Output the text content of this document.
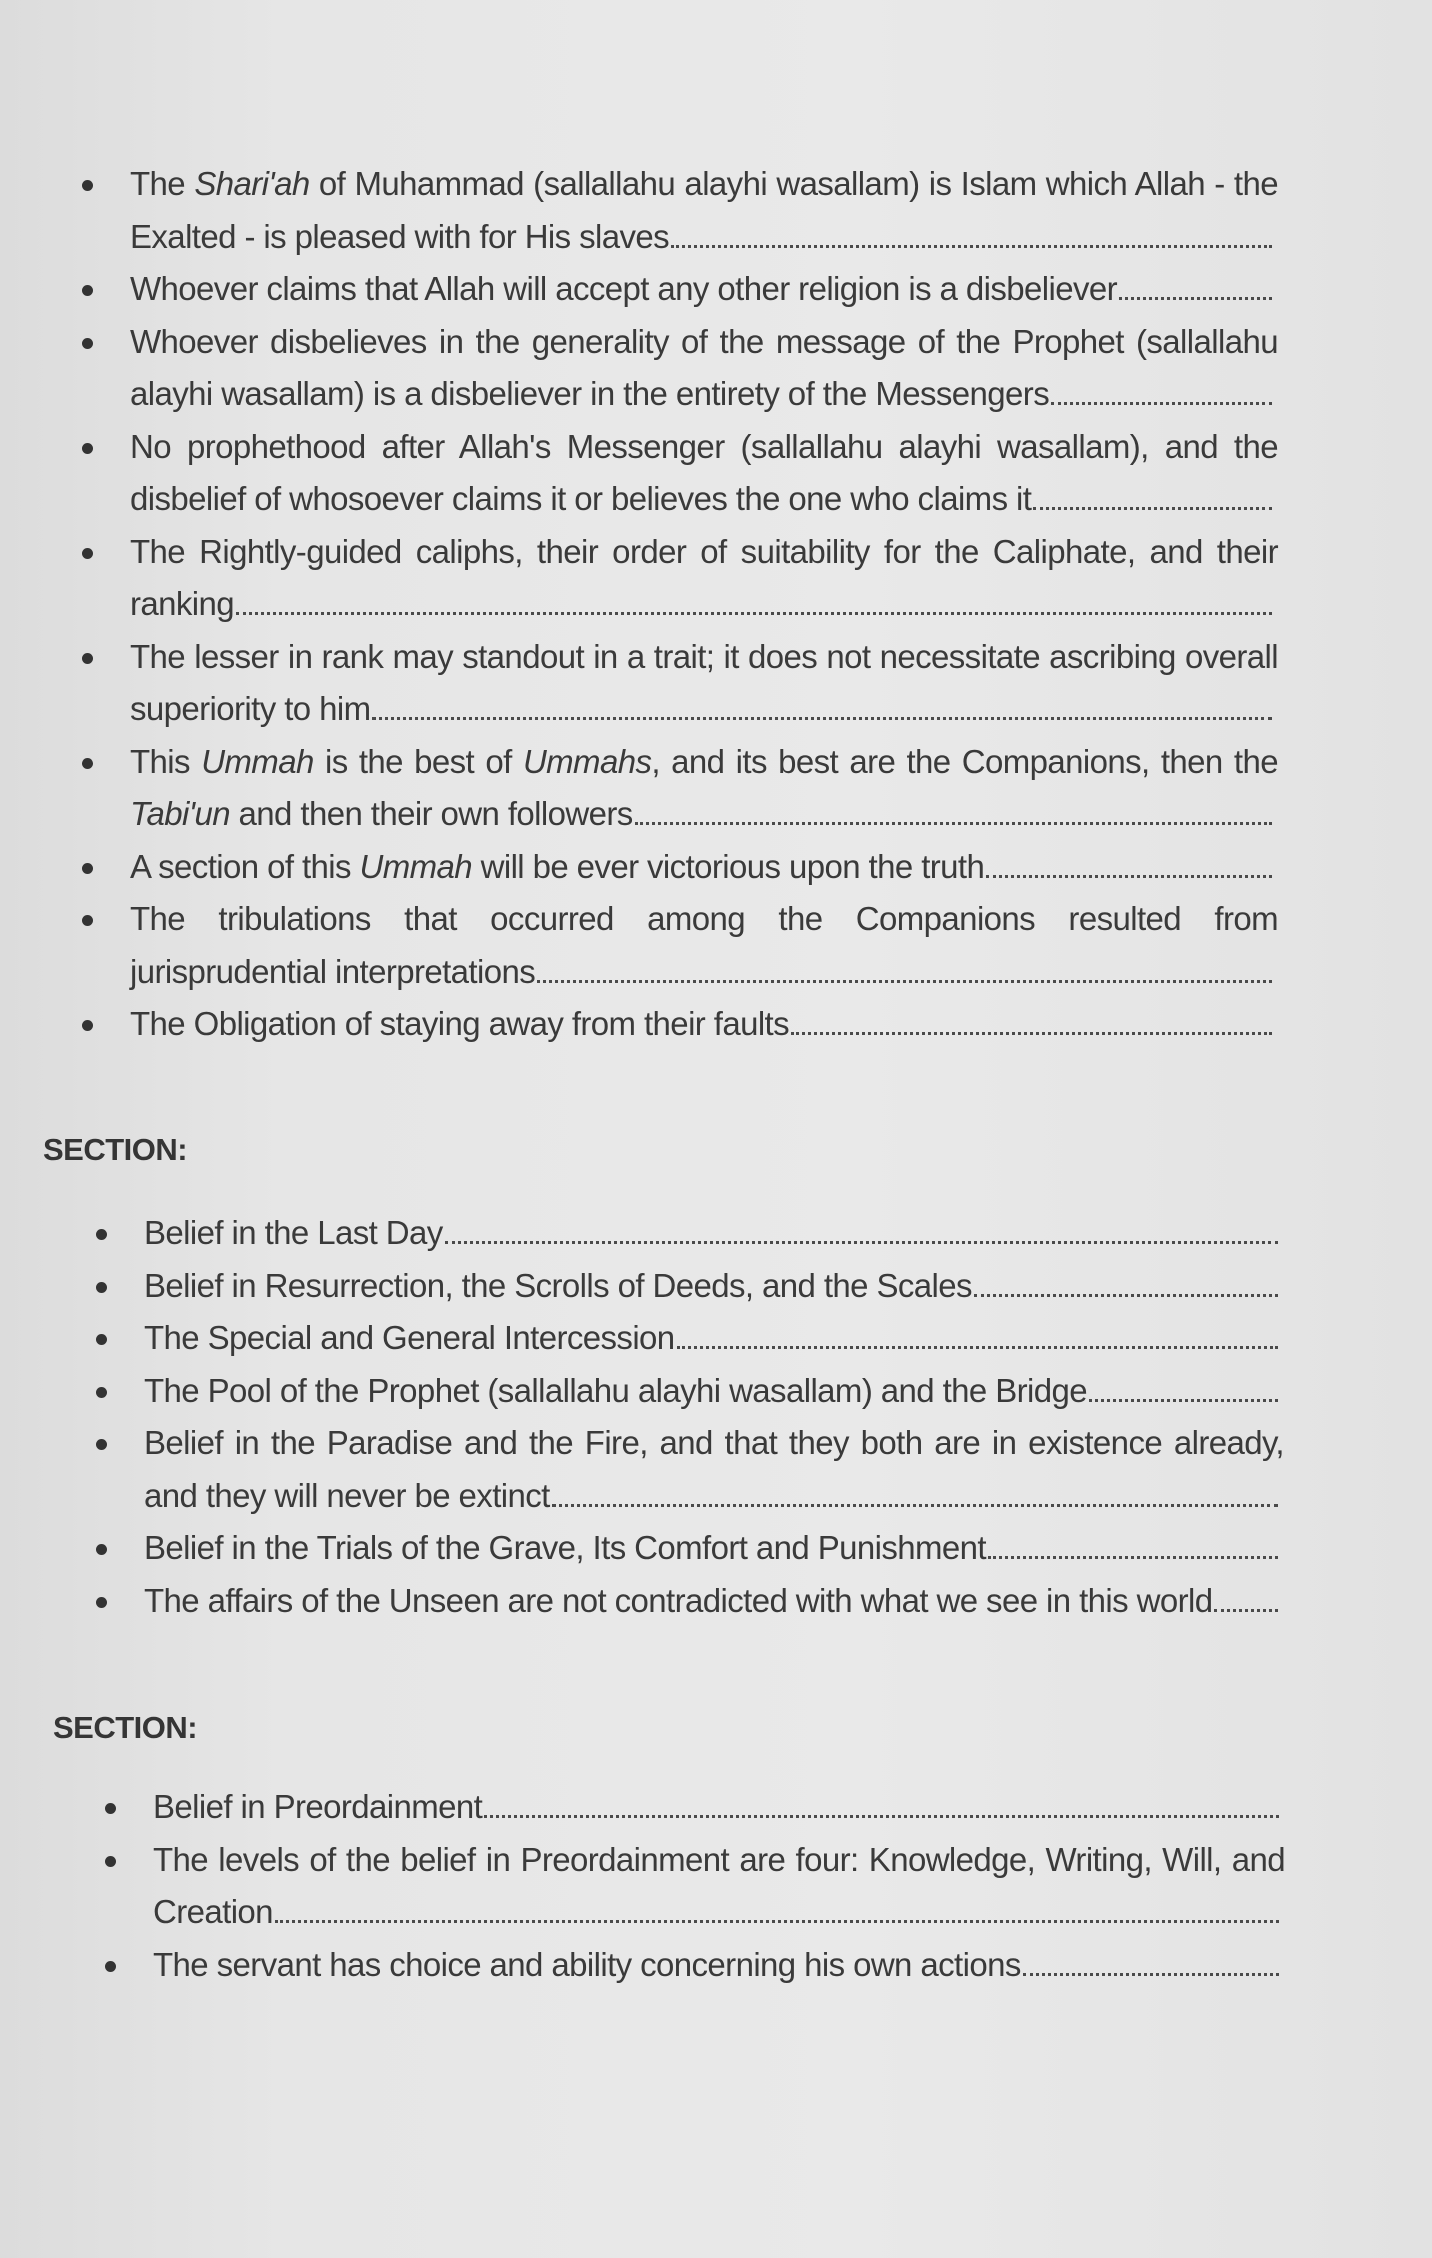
The Shari'ah of Muhammad (sallallahu alayhi wasallam) is Islam which Allah - the Exalted - is pleased with for His slaves
Whoever claims that Allah will accept any other religion is a disbeliever
Whoever disbelieves in the generality of the message of the Prophet (sallallahu alayhi wasallam) is a disbeliever in the entirety of the Messengers
No prophethood after Allah's Messenger (sallallahu alayhi wasallam), and the disbelief of whosoever claims it or believes the one who claims it
The Rightly-guided caliphs, their order of suitability for the Caliphate, and their ranking
The lesser in rank may standout in a trait; it does not necessitate ascribing overall superiority to him
This Ummah is the best of Ummahs, and its best are the Companions, then the Tabi'un and then their own followers
A section of this Ummah will be ever victorious upon the truth
The tribulations that occurred among the Companions resulted from jurisprudential interpretations
The Obligation of staying away from their faults
SECTION:
Belief in the Last Day
Belief in Resurrection, the Scrolls of Deeds, and the Scales
The Special and General Intercession
The Pool of the Prophet (sallallahu alayhi wasallam) and the Bridge
Belief in the Paradise and the Fire, and that they both are in existence already, and they will never be extinct
Belief in the Trials of the Grave, Its Comfort and Punishment
The affairs of the Unseen are not contradicted with what we see in this world
SECTION:
Belief in Preordainment
The levels of the belief in Preordainment are four: Knowledge, Writing, Will, and Creation
The servant has choice and ability concerning his own actions
